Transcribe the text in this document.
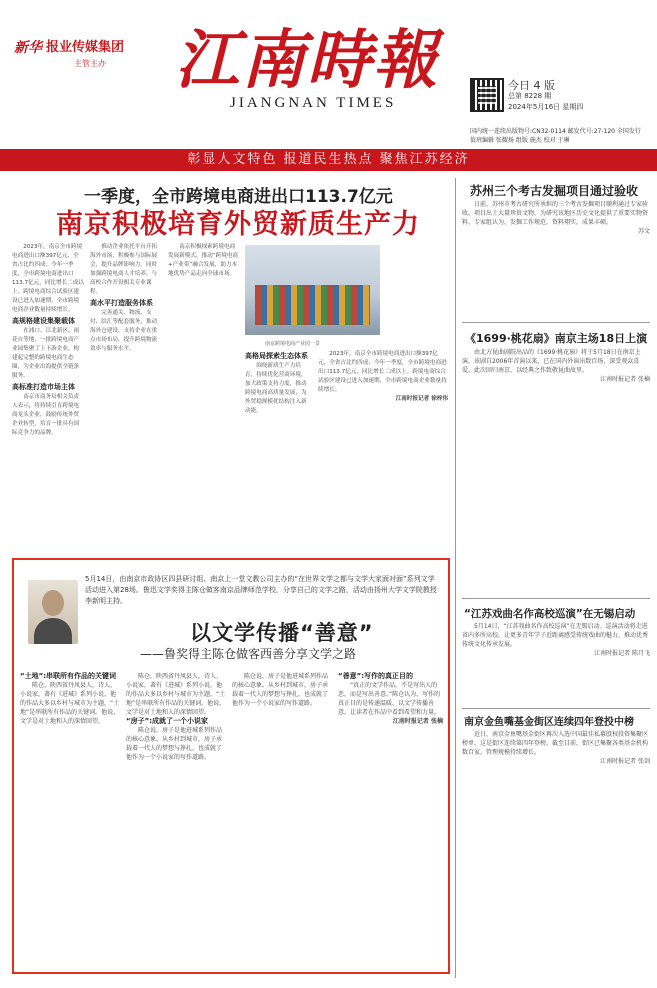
新华 报业传媒集团
主管主办 江南時報
JIANGNAN TIMES
今日 4 版
总第 8228 期
2024年5月16日 星期四
国内统一连续出版物号:CN32-0114 邮发代号:27-120 全国发行
值班编辑 张耀扬 组版 施杰 校对 于琳
彰显人文特色 报道民生热点 聚焦江苏经济
一季度，全市跨境电商进出口113.7亿元
南京积极培育外贸新质生产力

2023年，南京全市跨境电商进出口额397亿元，全省占比约四成；今年一季度，全市跨境电商进出口113.7亿元，同比增长二成以上。跨境电商综合试验区建设已进入加速期，全市跨境电商企业数量持续增长。

高规格建设集聚载体

在浦口、江北新区、雨花台等地，一批跨境电商产业园集聚了上下游企业，构建起完整的跨境电商生态圈，为企业出海提供全链条服务。

高标准打造市场主体

南京市商务局相关负责人表示，将持续引育跨境电商龙头企业，鼓励传统外贸企业转型，培育一批具有国际竞争力的品牌。

推动企业依托平台开拓海外市场，积极参与国际展会，提升品牌影响力。同时加强跨境电商人才培养，与高校合作开设相关专业课程。

高水平打造服务体系

完善通关、物流、支付、结汇等配套服务，推动海外仓建设，支持企业在重点市场布局，提升跨境物流效率与服务水平。

南京积极探索跨境电商发展新模式，推动“跨境电商+产业带”融合发展，助力本地优势产品走向全球市场。

南京跨境电商产业园一景
高格局探索生态体系

围绕新质生产力培育，持续优化营商环境，加大政策支持力度，推动跨境电商高质量发展，为外贸稳规模优结构注入新动能。

2023年，南京全市跨境电商进出口额397亿元，全省占比约四成；今年一季度，全市跨境电商进出口113.7亿元，同比增长二成以上。跨境电商综合试验区建设已进入加速期，全市跨境电商企业数量持续增长。

江南时报记者 徐梓伟

苏州三个考古发掘项目通过验收

日前，苏州市考古研究所承担的三个考古发掘项目顺利通过专家验收。项目出土大量珍贵文物，为研究该地区历史文化提供了重要实物资料。专家组认为，发掘工作规范，资料翔实，成果丰硕。

苏文

《1699·桃花扇》南京主场18日上演

由北方昆曲剧院出品的《1699·桃花扇》将于5月18日在南京上演。该剧自2006年首演以来，已在国内外演出数百场，深受观众喜爱。此次回归南京，以经典之作致敬昆曲故里。

江南时报记者 张楠

“江苏戏曲名作高校巡演”在无锡启动

5月14日，“江苏戏曲名作高校巡演”在无锡启动。巡演活动将走进省内多所高校，让更多青年学子近距离感受传统戏曲的魅力，推动优秀传统文化传承发展。

江南时报记者 陈月飞

南京金鱼嘴基金街区连续四年登投中榜

近日，南京金鱼嘴基金街区再次入选中国最佳私募股权投资集聚区榜单，这是街区连续第四年登榜。截至目前，街区已集聚各类基金机构数百家，管理规模持续增长。

江南时报记者 张剑

5月14日，由南京市政协区四县研讨组、南京上一堂文教公司主办的“在世界文学之都与文学大家面对面”系列文学活动进入第28场。鲁迅文学奖得主陈仓做客南京品牌师范学校，分享自己的文学之路，活动由扬州大学文学院教授李新明主持。
以文学传播“善意”
——鲁奖得主陈仓做客西善分享文学之路
“土地”:串联所有作品的关键词

陈仓，陕西省丹凤县人，诗人、小说家，著有《进城》系列小说。他的作品大多以乡村与城市为主题，“土地”是串联所有作品的关键词。他说，文学是对土地和人的深情回望。

陈仓，陕西省丹凤县人，诗人、小说家，著有《进城》系列小说。他的作品大多以乡村与城市为主题，“土地”是串联所有作品的关键词。他说，文学是对土地和人的深情回望。

“房子”:成就了一个小说家

陈仓说，房子是他进城系列作品的核心意象。从乡村到城市，房子承载着一代人的梦想与挣扎，也成就了他作为一个小说家的写作道路。

陈仓说，房子是他进城系列作品的核心意象。从乡村到城市，房子承载着一代人的梦想与挣扎，也成就了他作为一个小说家的写作道路。

“善意”:写作的真正目的

“真正的文学作品，不是写出人的恶，而是写出善意。”陈仓认为，写作的真正目的是传递温暖，以文学传播善意，让读者在作品中看到希望和力量。

江南时报记者 张楠
